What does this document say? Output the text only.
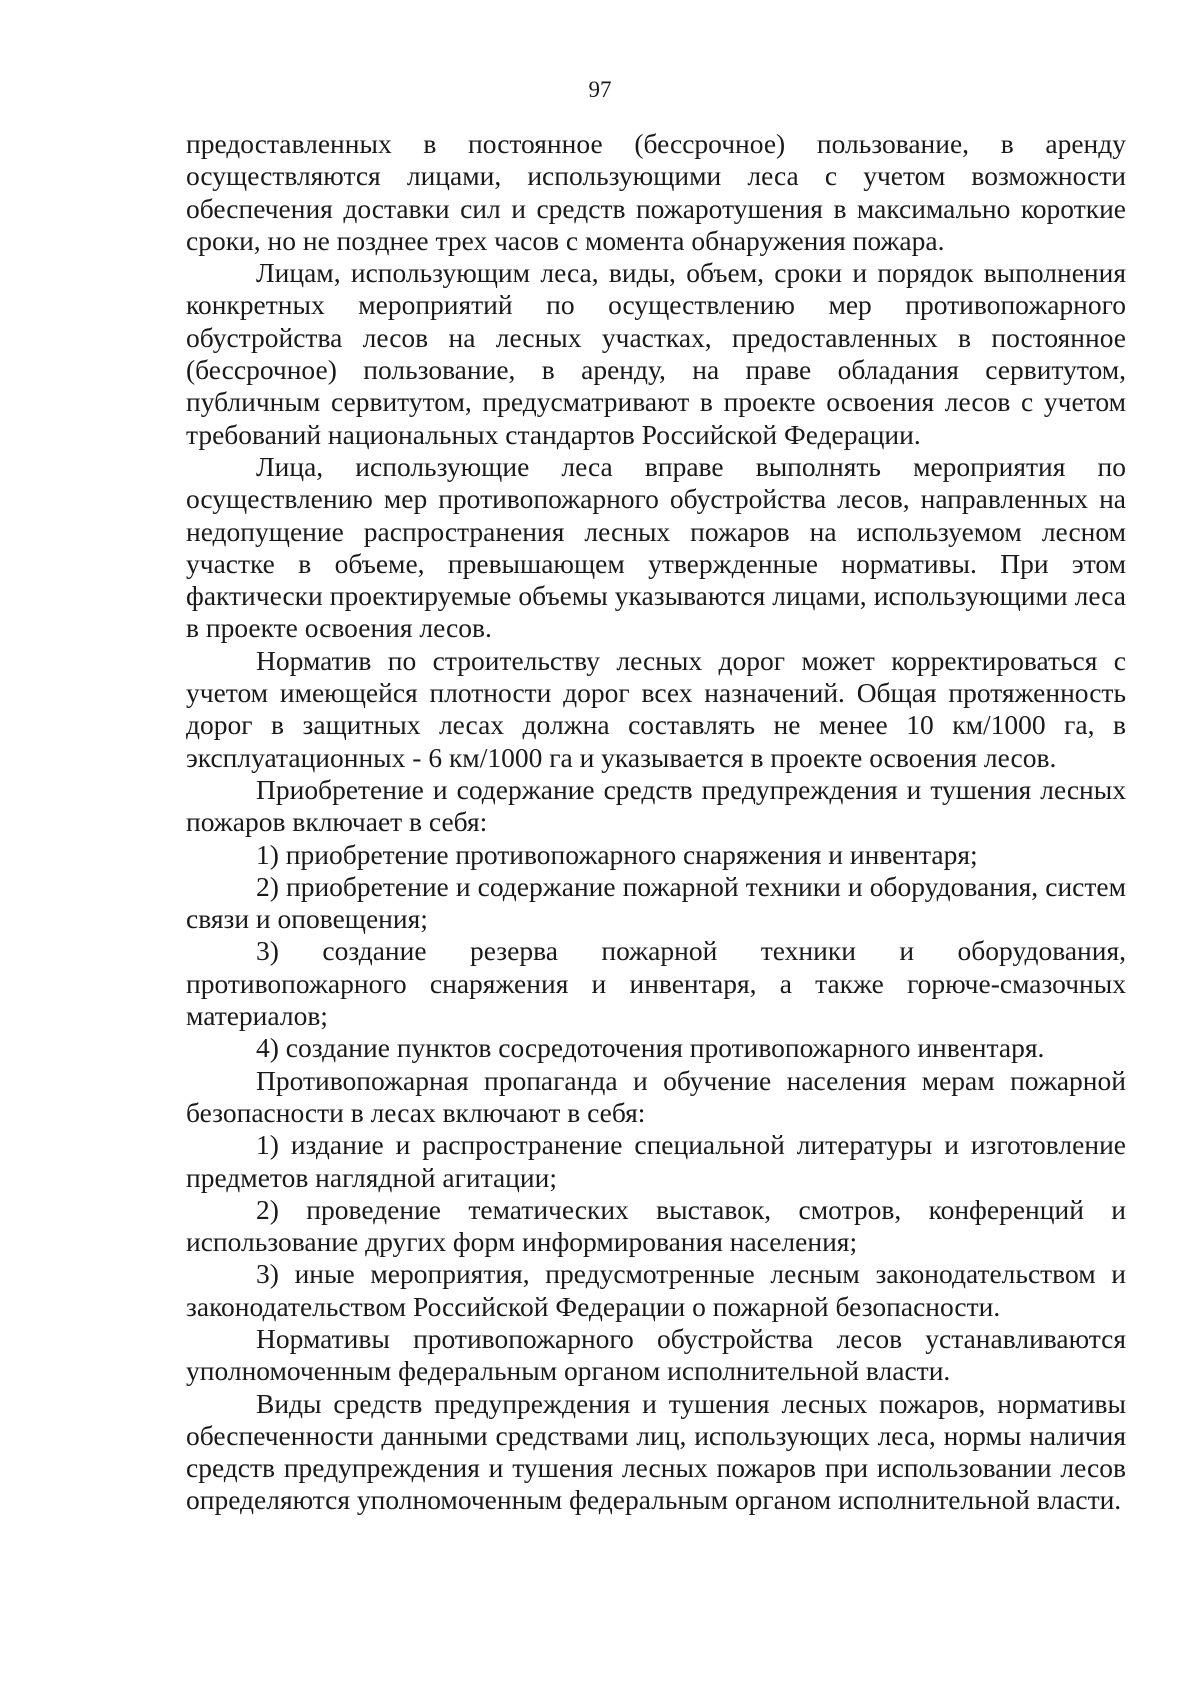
97

предоставленных в постоянное (бессрочное) пользование, в аренду осуществляются лицами, использующими леса с учетом возможности обеспечения доставки сил и средств пожаротушения в максимально короткие сроки, но не позднее трех часов с момента обнаружения пожара.

Лицам, использующим леса, виды, объем, сроки и порядок выполнения конкретных мероприятий по осуществлению мер противопожарного обустройства лесов на лесных участках, предоставленных в постоянное (бессрочное) пользование, в аренду, на праве обладания сервитутом, публичным сервитутом, предусматривают в проекте освоения лесов с учетом требований национальных стандартов Российской Федерации.

Лица, использующие леса вправе выполнять мероприятия по осуществлению мер противопожарного обустройства лесов, направленных на недопущение распространения лесных пожаров на используемом лесном участке в объеме, превышающем утвержденные нормативы. При этом фактически проектируемые объемы указываются лицами, использующими леса в проекте освоения лесов.

Норматив по строительству лесных дорог может корректироваться с учетом имеющейся плотности дорог всех назначений. Общая протяженность дорог в защитных лесах должна составлять не менее 10 км/1000 га, в эксплуатационных - 6 км/1000 га и указывается в проекте освоения лесов.

Приобретение и содержание средств предупреждения и тушения лесных пожаров включает в себя:

1) приобретение противопожарного снаряжения и инвентаря;

2) приобретение и содержание пожарной техники и оборудования, систем связи и оповещения;

3) создание резерва пожарной техники и оборудования, противопожарного снаряжения и инвентаря, а также горюче-смазочных материалов;

4) создание пунктов сосредоточения противопожарного инвентаря.

Противопожарная пропаганда и обучение населения мерам пожарной безопасности в лесах включают в себя:

1) издание и распространение специальной литературы и изготовление предметов наглядной агитации;

2) проведение тематических выставок, смотров, конференций и использование других форм информирования населения;

3) иные мероприятия, предусмотренные лесным законодательством и законодательством Российской Федерации о пожарной безопасности.

Нормативы противопожарного обустройства лесов устанавливаются уполномоченным федеральным органом исполнительной власти.

Виды средств предупреждения и тушения лесных пожаров, нормативы обеспеченности данными средствами лиц, использующих леса, нормы наличия средств предупреждения и тушения лесных пожаров при использовании лесов определяются уполномоченным федеральным органом исполнительной власти.
